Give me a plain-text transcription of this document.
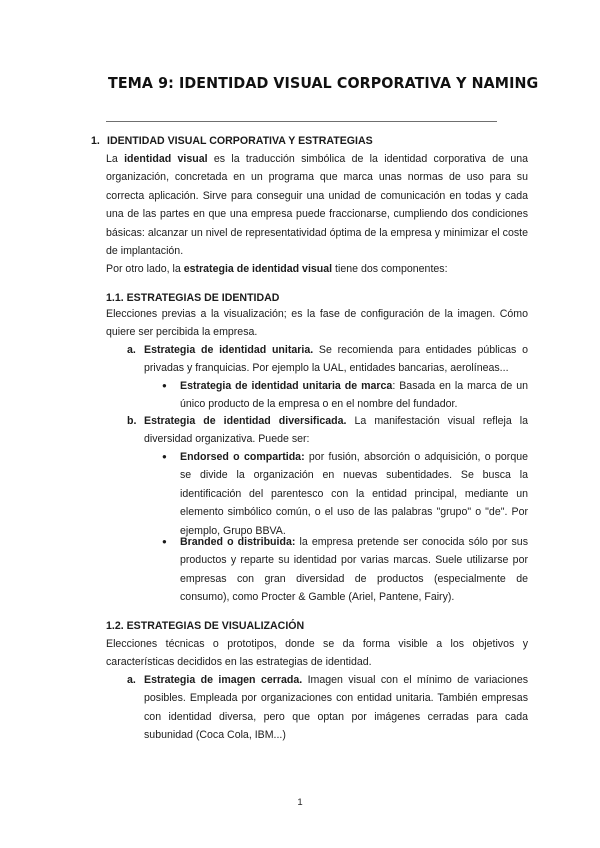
TEMA 9: IDENTIDAD VISUAL CORPORATIVA Y NAMING
1. IDENTIDAD VISUAL CORPORATIVA Y ESTRATEGIAS
La identidad visual es la traducción simbólica de la identidad corporativa de una organización, concretada en un programa que marca unas normas de uso para su correcta aplicación. Sirve para conseguir una unidad de comunicación en todas y cada una de las partes en que una empresa puede fraccionarse, cumpliendo dos condiciones básicas: alcanzar un nivel de representatividad óptima de la empresa y minimizar el coste de implantación.
Por otro lado, la estrategia de identidad visual tiene dos componentes:
1.1. ESTRATEGIAS DE IDENTIDAD
Elecciones previas a la visualización; es la fase de configuración de la imagen. Cómo quiere ser percibida la empresa.
a. Estrategia de identidad unitaria. Se recomienda para entidades públicas o privadas y franquicias. Por ejemplo la UAL, entidades bancarias, aerolíneas...
● Estrategia de identidad unitaria de marca: Basada en la marca de un único producto de la empresa o en el nombre del fundador.
b. Estrategia de identidad diversificada. La manifestación visual refleja la diversidad organizativa. Puede ser:
● Endorsed o compartida: por fusión, absorción o adquisición, o porque se divide la organización en nuevas subentidades. Se busca la identificación del parentesco con la entidad principal, mediante un elemento simbólico común, o el uso de las palabras "grupo" o "de". Por ejemplo, Grupo BBVA.
● Branded o distribuida: la empresa pretende ser conocida sólo por sus productos y reparte su identidad por varias marcas. Suele utilizarse por empresas con gran diversidad de productos (especialmente de consumo), como Procter & Gamble (Ariel, Pantene, Fairy).
1.2. ESTRATEGIAS DE VISUALIZACIÓN
Elecciones técnicas o prototipos, donde se da forma visible a los objetivos y características decididos en las estrategias de identidad.
a. Estrategia de imagen cerrada. Imagen visual con el mínimo de variaciones posibles. Empleada por organizaciones con entidad unitaria. También empresas con identidad diversa, pero que optan por imágenes cerradas para cada subunidad (Coca Cola, IBM...)
1
